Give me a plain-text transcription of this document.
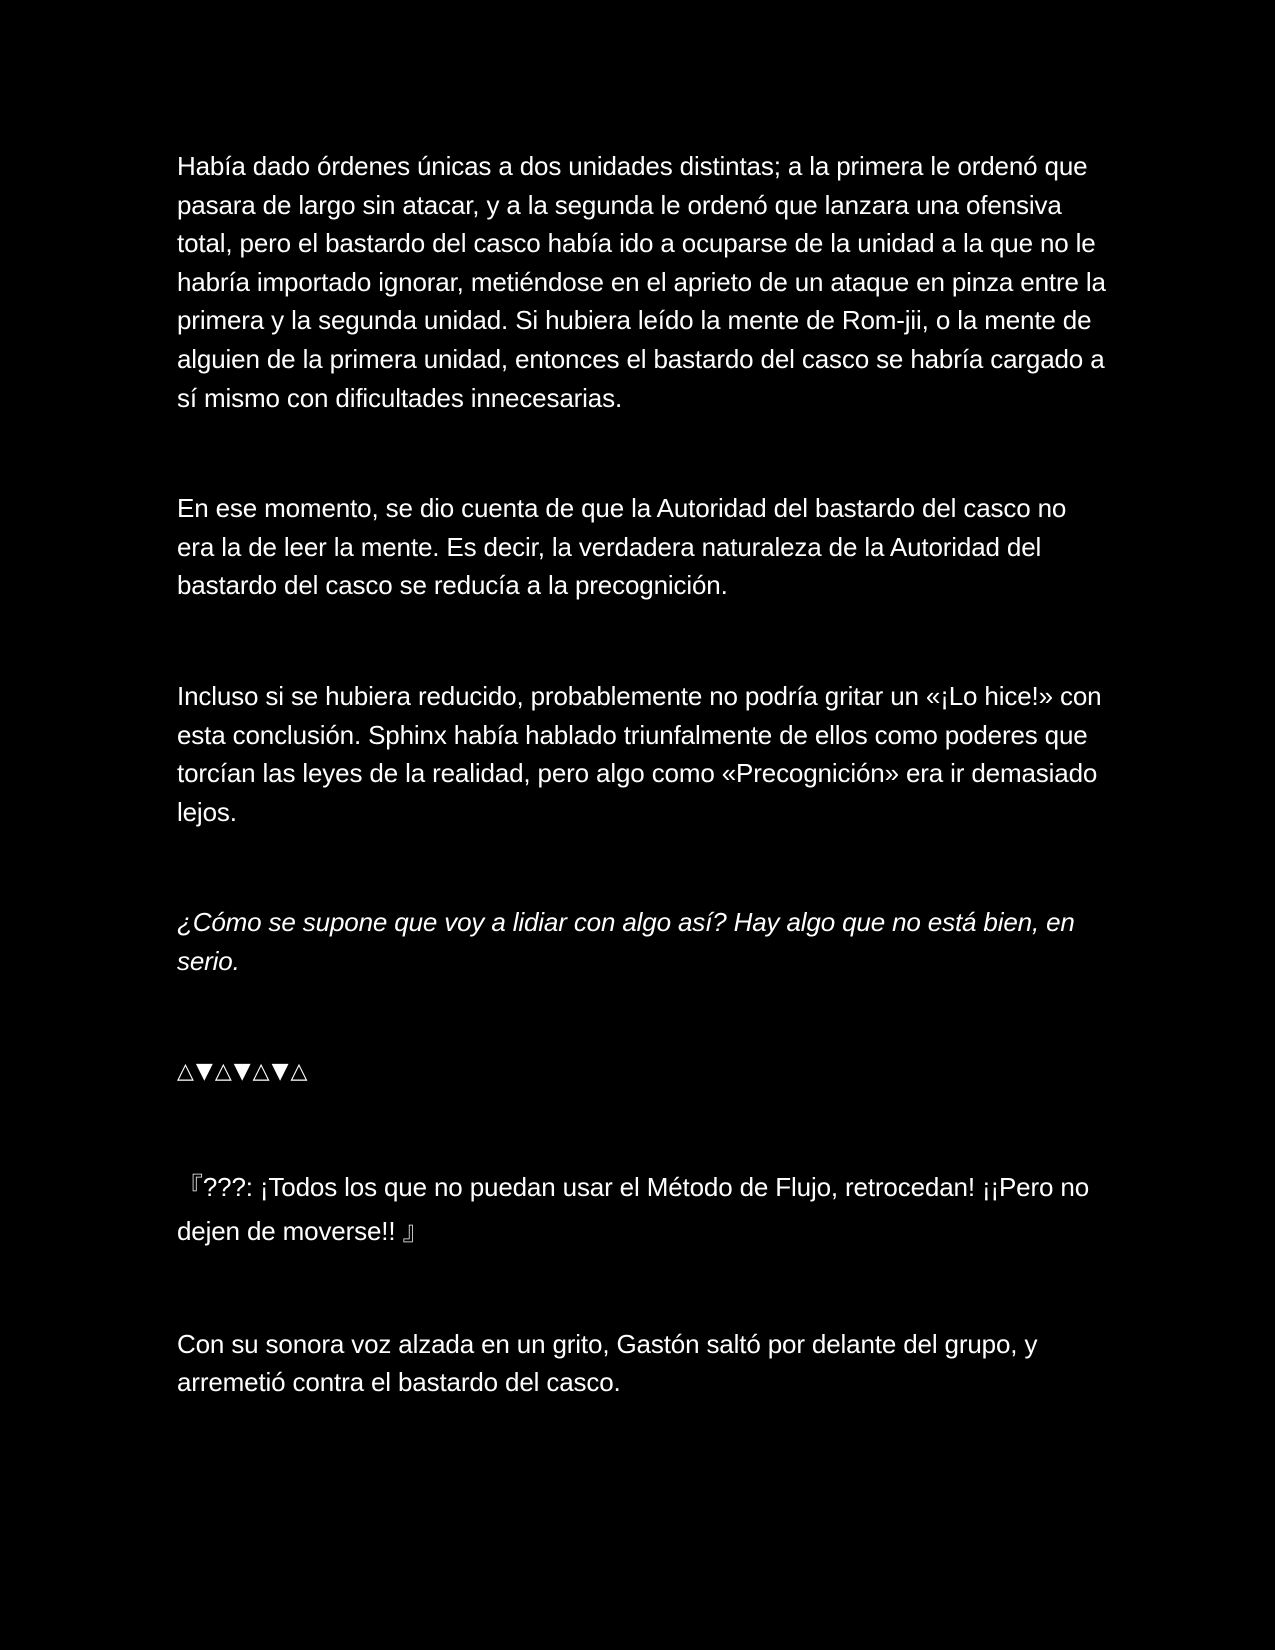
Había dado órdenes únicas a dos unidades distintas; a la primera le ordenó que pasara de largo sin atacar, y a la segunda le ordenó que lanzara una ofensiva total, pero el bastardo del casco había ido a ocuparse de la unidad a la que no le habría importado ignorar, metiéndose en el aprieto de un ataque en pinza entre la primera y la segunda unidad. Si hubiera leído la mente de Rom-jii, o la mente de alguien de la primera unidad, entonces el bastardo del casco se habría cargado a sí mismo con dificultades innecesarias.

En ese momento, se dio cuenta de que la Autoridad del bastardo del casco no era la de leer la mente. Es decir, la verdadera naturaleza de la Autoridad del bastardo del casco se reducía a la precognición.

Incluso si se hubiera reducido, probablemente no podría gritar un «¡Lo hice!» con esta conclusión. Sphinx había hablado triunfalmente de ellos como poderes que torcían las leyes de la realidad, pero algo como «Precognición» era ir demasiado lejos.

¿Cómo se supone que voy a lidiar con algo así? Hay algo que no está bien, en serio.

△▼△▼△▼△

『???: ¡Todos los que no puedan usar el Método de Flujo, retrocedan! ¡¡Pero no dejen de moverse!! 』

Con su sonora voz alzada en un grito, Gastón saltó por delante del grupo, y arremetió contra el bastardo del casco.
